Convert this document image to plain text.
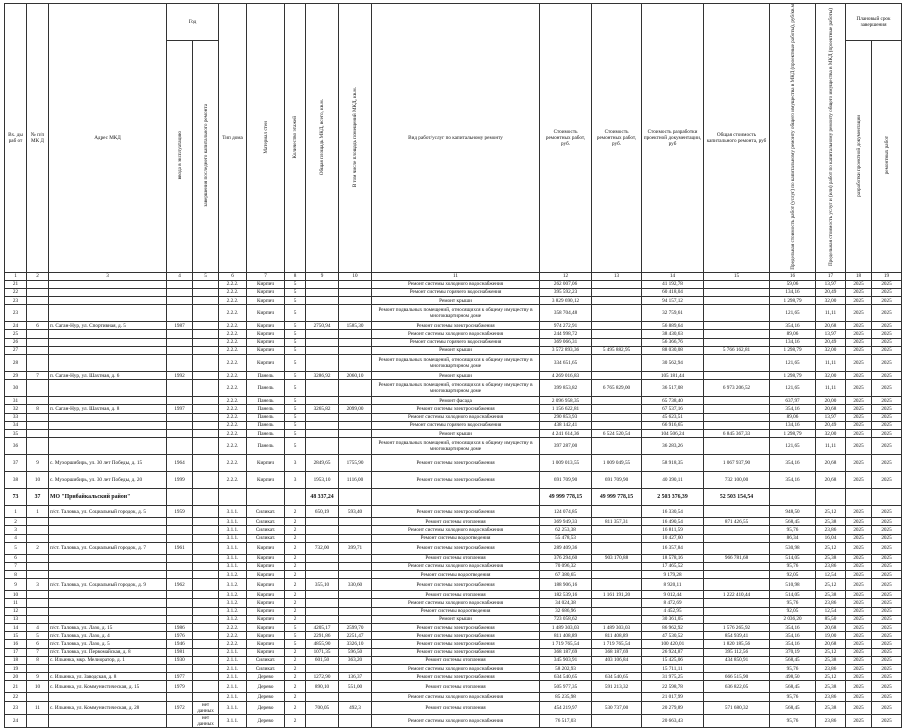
Вх. ды раб от	№ п/п МК Д	Адрес МКД	Год		Тип дома	Материал стен	Количество этажей	Общая площадь МКД, всего, кв.м.	В том числе площадь помещений МКД, кв.м.	Вид работ/услуг по капитальному ремонту	Стоимость ремонтных работ, руб.	Стоимость ремонтных работ, руб.	Стоимость разработки проектной документации, руб	Общая стоимость капитального ремонта, руб	Предельная стоимость работ (услуг) по капитальному ремонту общего имущества в МКД (проектные работы), руб/кв.м	Предельная стоимость услуг и (или) работ по капитальному ремонту общего имущества в МКД (проектные работы)	Плановый срок завершения	
			ввода в эксплуатацию	завершения последнего капитального ремонта													разработки проектной документации	ремонтных работ
1	2	3	4	5	6	7	8	9	10	11	12	13	14	15	16	17	18	19
21					2.2.2.	Кирпич	5			Ремонт системы холодного водоснабжения	262 007,06		41 192,78		59,06	13,97	2025	2025
22					2.2.2.	Кирпич	5			Ремонт системы горячего водоснабжения	395 592,23		60 418,04		134,16	20,49	2025	2025
23					2.2.2.	Кирпич	5			Ремонт крыши	3 829 690,12		94 157,12		1 298,79	32,00	2025	2025
23					2.2.2.	Кирпич	5			Ремонт подвальных помещений, относящихся к общему имуществу в многоквартирном доме	358 704,48		32 759,61		121,65	11,11	2025	2025
24	6	п. Саган-Нур, ул. Спортивная, д. 5	1987		2.2.2.	Кирпич	5	2750,94	1585,30	Ремонт системы электроснабжения	974 272,91		56 889,64		354,16	20,68	2025	2025
25					2.2.2.	Кирпич	5			Ремонт системы холодного водоснабжения	244 998,72		38 430,63		89,06	13,97	2025	2025
26					2.2.2.	Кирпич	5			Ремонт системы горячего водоснабжения	369 066,31		56 366,76		134,16	20,49	2025	2025
27					2.2.2.	Кирпич	5			Ремонт крыши	3 572 893,36	5 495 882,95	88 030,08	5 766 162,81	1 298,79	32,00	2025	2025
28					2.2.2.	Кирпич	5			Ремонт подвальных помещений, относящихся к общему имуществу в многоквартирном доме	334 651,65		30 562,94		121,65	11,11	2025	2025
29	7	п. Саган-Нур, ул. Шахтная, д. 6	1992		2.2.2.	Панель	5	3286,92	2060,10	Ремонт крыши	4 269 016,83		105 181,44		1 298,79	32,00	2025	2025
30					2.2.2.	Панель	5			Ремонт подвальных помещений, относящихся к общему имуществу в многоквартирном доме	399 853,82	6 765 829,00	36 517,08	6 973 206,52	121,65	11,11	2025	2025
31					2.2.2.	Панель	5			Ремонт фасада	2 096 958,35		65 738,40		637,97	20,00	2025	2025
32	8	п. Саган-Нур, ул. Шахтная, д. 8	1997		2.2.2.	Панель	5	3265,82	2099,00	Ремонт системы электроснабжения	1 156 622,81		67 537,16		354,16	20,68	2025	2025
33					2.2.2.	Панель	5			Ремонт системы холодного водоснабжения	290 853,93		45 623,51		89,06	13,97	2025	2025
34					2.2.2.	Панель	5			Ремонт системы горячего водоснабжения	438 142,41		66 916,65		134,16	20,49	2025	2025
35					2.2.2.	Панель	5			Ремонт крыши	4 241 614,36	6 524 520,54	104 506,24	6 845 367,33	1 298,79	32,00	2025	2025
36					2.2.2.	Панель	5			Ремонт подвальных помещений, относящихся к общему имуществу в многоквартирном доме	397 287,00		36 283,26		121,65	11,11	2025	2025
37	9	с. Мухоршибирь, ул. 30 лет Победы, д. 15	1964		2.2.2.	Кирпич	3	2849,65	1755,90	Ремонт системы электроснабжения	1 009 013,55	1 009 049,55	58 918,35	1 067 937,90	354,16	20,68	2025	2025
38	10	с. Мухоршибирь, ул. 30 лет Победы, д. 20	1999		2.2.2.	Кирпич	3	1953,10	1116,00	Ремонт системы электроснабжения	691 709,90	691 709,90	40 390,11	732 100,00	354,16	20,68	2025	2025
73	37	МО "Прибайкальский район"						48 337,24			49 999 778,15	49 999 778,15	2 503 376,39	52 503 154,54				
1	1	п/ст. Таловка, ул. Социальный городок, д. 5	1959		3.1.1.	Силикат.	2	650,19	593,40	Ремонт системы электроснабжения	124 074,85		16 330,54		948,50	25,12	2025	2025
2					3.1.1.	Силикат.	2			Ремонт системы отопления	369 949,33	811 357,31	16 490,54	871 426,55	568,45	25,38	2025	2025
3					3.1.1.	Силикат.	2			Ремонт системы холодного водоснабжения	62 253,38		16 811,59		95,76	23,86	2025	2025
4					3.1.1.	Силикат.	2			Ремонт системы водоотведения	55 478,53		10 427,60		86,34	16,04	2025	2025
5	2	п/ст. Таловка, ул. Социальный городок, д. 7	1961		3.1.1.	Кирпич	2	732,00	399,71	Ремонт системы электроснабжения	289 409,36		16 357,84		530,98	25,12	2025	2025
6					3.1.1.	Кирпич	2			Ремонт системы отопления	376 294,60	903 170,88	18 578,16	966 781,68	514,05	25,38	2025	2025
7					3.1.1.	Кирпич	2			Ремонт системы холодного водоснабжения	70 096,32		17 465,52		95,76	23,86	2025	2025
8					3.1.2.	Кирпич	2			Ремонт системы водоотведения	67 380,65		9 179,28		92,05	12,54	2025	2025
9	3	п/ст. Таловка, ул. Социальный городок, д. 9	1962		3.1.2.	Кирпич	2	355,10	330,60	Ремонт системы электроснабжения	188 906,16		8 920,11		510,98	25,12	2025	2025
10					3.1.2.	Кирпич	2			Ремонт системы отопления	182 539,16	1 161 191,20	9 012,44	1 222 410,44	514,05	25,38	2025	2025
11					3.1.2.	Кирпич	2			Ремонт системы холодного водоснабжения	34 024,38		8 472,69		95,76	23,86	2025	2025
12					3.1.2.	Кирпич	2			Ремонт системы водоотведения	32 686,96		4 452,95		92,05	12,54	2025	2025
13					3.1.2.	Кирпич	2			Ремонт крыши	723 058,62		30 361,05		2 036,20	85,50	2025	2025
14	4	п/ст. Таловка, ул. Лазо, д. 15	1986		2.2.2.	Кирпич	5	4205,17	2599,70	Ремонт системы электроснабжения	1 489 303,03	1 489 303,03	86 962,92	1 576 265,92	354,16	20,68	2025	2025
15	5	п/ст. Таловка, ул. Лазо, д. 4	1976		2.2.2.	Кирпич	5	2291,86	2251,47	Ремонт системы электроснабжения	811 408,89	811 408,89	47 530,52	854 939,41	354,16	19,00	2025	2025
16	6	п/ст. Таловка, ул. Лазо, д. 5	1946		2.2.2.	Кирпич	5	4855,90	3326,10	Ремонт системы электроснабжения	1 719 765,54	1 719 765,54	100 420,01	1 820 185,56	354,16	20,68	2025	2025
17	7	п/ст. Таловка, ул. Первомайская, д. 8	1981		2.1.1.	Кирпич	2	1071,35	596,50	Ремонт системы электроснабжения	368 187,69	368 187,69	26 924,87	395 112,56	370,19	25,12	2025	2025
18	8	с. Ильинка, мкр. Мелиоратор, д. 1	1930		2.1.1.	Силикат.	2	601,50	363,20	Ремонт системы отопления	345 903,91	403 106,84	15 425,06	434 850,91	568,45	25,38	2025	2025
19					2.1.1.	Силикат.	2			Ремонт системы холодного водоснабжения	58 202,93		15 711,11		95,76	23,86	2025	2025
20	9	с. Ильинка, ул. Заводская, д. 8	1977		2.1.1.	Дерево	2	1272,90	136,37	Ремонт системы электроснабжения	634 540,65	634 540,65	31 975,25	666 515,90	498,50	25,12	2025	2025
21	10	с. Ильинка, ул. Коммунистическая, д. 15	1979		2.1.1.	Дерево	2	890,10	551,00	Ремонт системы отопления	505 977,35	591 213,32	22 598,78	636 822,05	568,45	25,38	2025	2025
22					2.1.1.	Дерево	2			Ремонт системы холодного водоснабжения	85 235,98		21 017,99		95,76	23,86	2025	2025
23	11	с. Ильинка, ул. Коммунистическая, д. 28	1972	нет данных	3.1.1.	Дерево	2	700,05	492,3	Ремонт системы отопления	454 219,97	530 737,00	20 279,89	571 680,32	568,45	25,38	2025	2025
24				нет данных	3.1.1.	Дерево	2			Ремонт системы холодного водоснабжения	76 517,03		20 663,43		95,76	23,86	2025	2025
